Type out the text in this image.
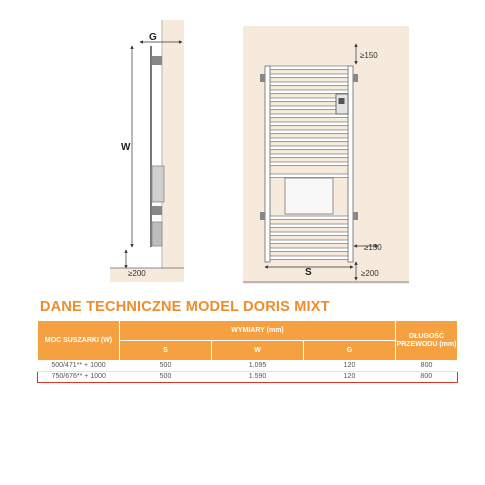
G
W
≥200
≥150
≥150
S	≥200
DANE TECHNICZNE MODEL DORIS MIXT
MOC SUSZARKI (W)	WYMIARY (mm)			DŁUGOŚĆ PRZEWODU (mm)
	S	W	G	
500/471** + 1000	500	1.095	120	800
750/676** + 1000	500	1.590	120	800
